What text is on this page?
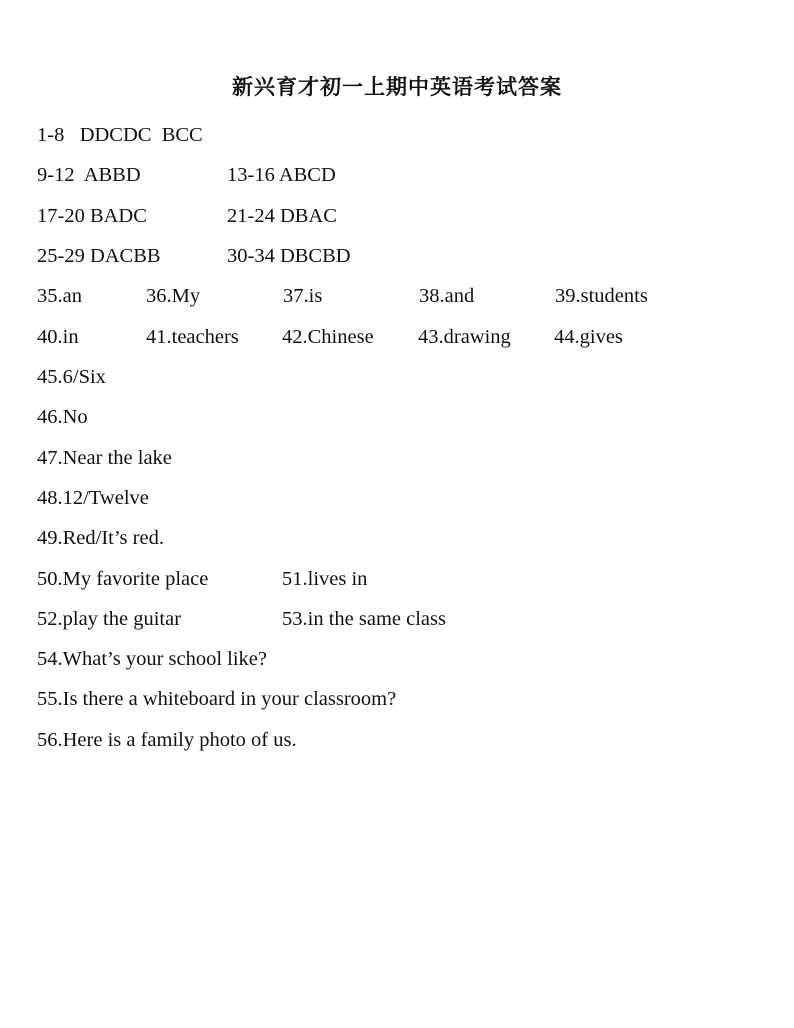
新兴育才初一上期中英语考试答案
1-8   DDCDC  BCC
9-12  ABBD	13-16 ABCD
17-20 BADC	21-24 DBAC
25-29 DACBB	30-34 DBCBD
35.an	36.My	37.is	38.and	39.students
40.in	41.teachers 42.Chinese 43.drawing 44.gives
45.6/Six
46.No
47.Near the lake
48.12/Twelve
49.Red/It’s red.
50.My favorite place	51.lives in
52.play the guitar	53.in the same class
54.What’s your school like?
55.Is there a whiteboard in your classroom?
56.Here is a family photo of us.
